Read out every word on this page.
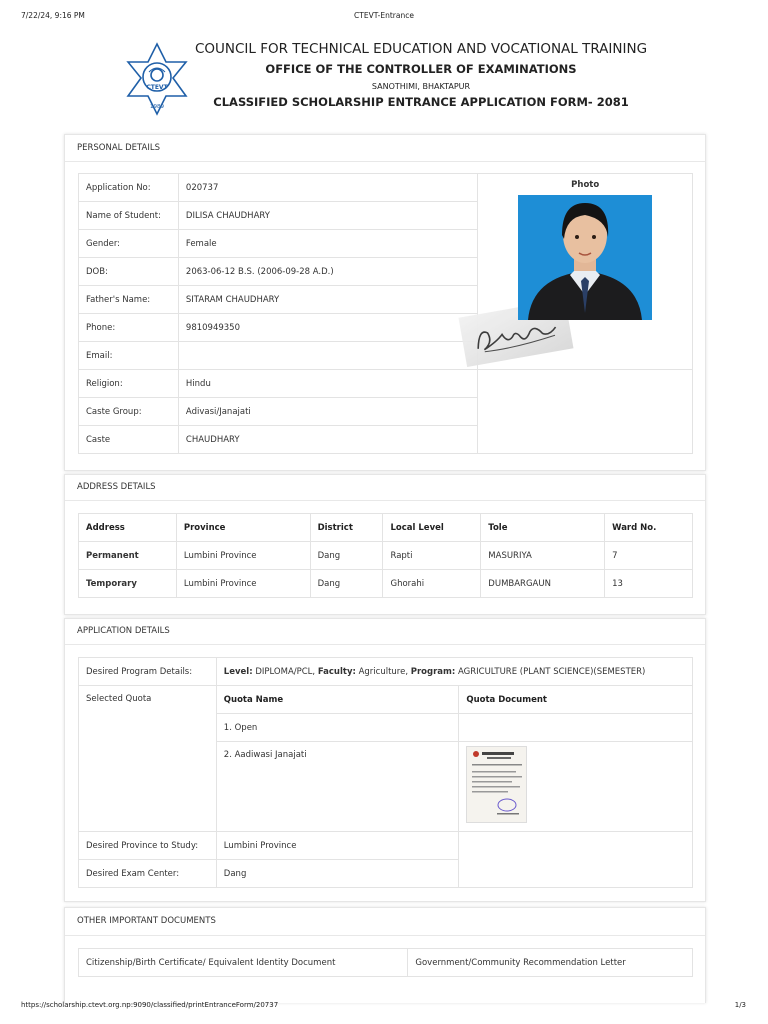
CTEVT-Entrance
7/22/24, 9:16 PM
CTEVT
1989
COUNCIL FOR TECHNICAL EDUCATION AND VOCATIONAL TRAINING
OFFICE OF THE CONTROLLER OF EXAMINATIONS
SANOTHIMI, BHAKTAPUR
CLASSIFIED SCHOLARSHIP ENTRANCE APPLICATION FORM- 2081
PERSONAL DETAILS
Application No:	020737	Photo
Name of Student:	DILISA CHAUDHARY	
Gender:	Female	
DOB:	2063-06-12 B.S. (2006-09-28 A.D.)	
Father's Name:	SITARAM CHAUDHARY	
Phone:	9810949350	
Email:		
Religion:	Hindu	
Caste Group:	Adivasi/Janajati	
Caste	CHAUDHARY	
ADDRESS DETAILS
Address	Province	District	Local Level	Tole	Ward No.
Permanent	Lumbini Province	Dang	Rapti	MASURIYA	7
Temporary	Lumbini Province	Dang	Ghorahi	DUMBARGAUN	13
APPLICATION DETAILS
Desired Program Details:	Level: DIPLOMA/PCL, Faculty: Agriculture, Program: AGRICULTURE (PLANT SCIENCE)(SEMESTER)	
Selected Quota	Quota Name	Quota Document
	1. Open	
	2. Aadiwasi Janajati	

Desired Province to Study:	Lumbini Province	
Desired Exam Center:	Dang	
OTHER IMPORTANT DOCUMENTS
Citizenship/Birth Certificate/ Equivalent Identity Document	Government/Community Recommendation Letter
https://scholarship.ctevt.org.np:9090/classified/printEntranceForm/20737	1/3
